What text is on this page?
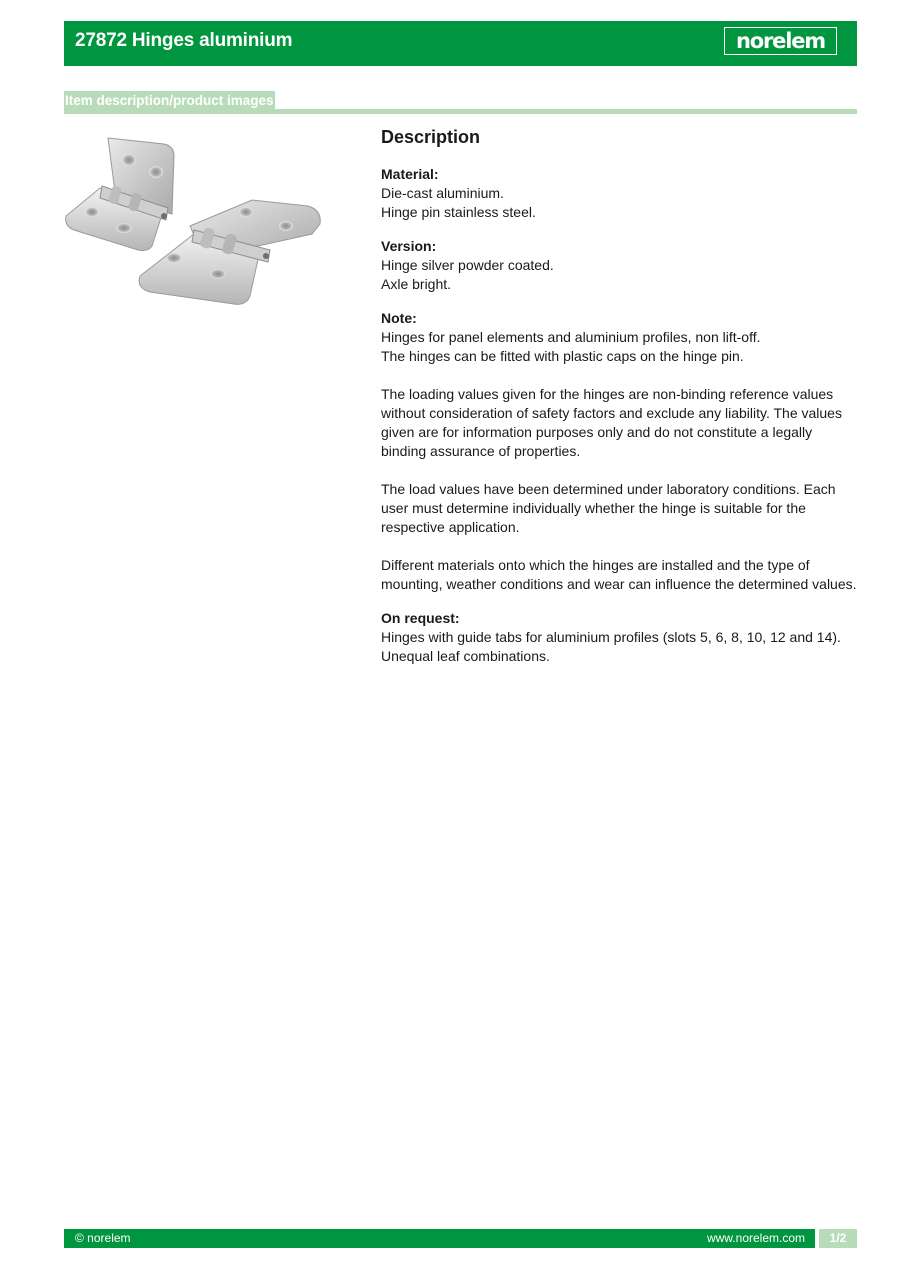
27872 Hinges aluminium	norelem
Item description/product images
Description
Material:
Die-cast aluminium.
Hinge pin stainless steel.
Version:
Hinge silver powder coated.
Axle bright.
Note:
Hinges for panel elements and aluminium profiles, non lift-off.
The hinges can be fitted with plastic caps on the hinge pin.
The loading values given for the hinges are non-binding reference values without consideration of safety factors and exclude any liability. The values given are for information purposes only and do not constitute a legally binding assurance of properties.
The load values have been determined under laboratory conditions. Each user must determine individually whether the hinge is suitable for the respective application.
Different materials onto which the hinges are installed and the type of mounting, weather conditions and wear can influence the determined values.
On request:
Hinges with guide tabs for aluminium profiles (slots 5, 6, 8, 10, 12 and 14).
Unequal leaf combinations.
© norelem	www.norelem.com	1/2
